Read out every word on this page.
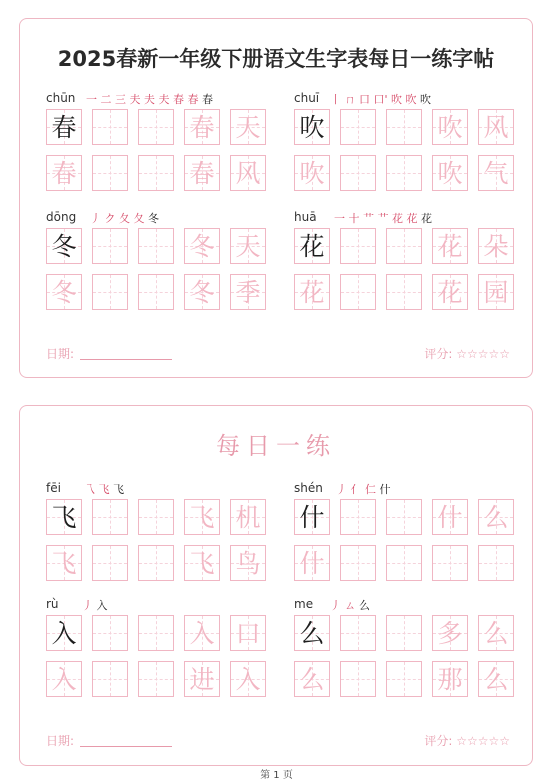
2025春新一年级下册语文生字表每日一练字帖
chūn 一 二 三 夫 夫 夫 春 春 春
春	春 天
春	春 风
chuī 丨 ㄇ 口 口' 吹 吹 吹
吹	吹 风
吹	吹 气
dōng 丿 ク 夂 夂 冬
冬	冬 天
冬	冬 季
huā 一 十 艹 艹 花 花 花
花	花 朵
花	花 园
日期:	评分: ☆☆☆☆☆
每日一练
fēi 乁 飞 飞
飞	飞 机
飞	飞 鸟
shén 丿 亻 仁 什
什	什 么
什
rù 丿 入
入	入 口
入	进 入
me 丿 ㄙ 么
么	多 么
么	那 么
日期:	评分: ☆☆☆☆☆
第 1 页
